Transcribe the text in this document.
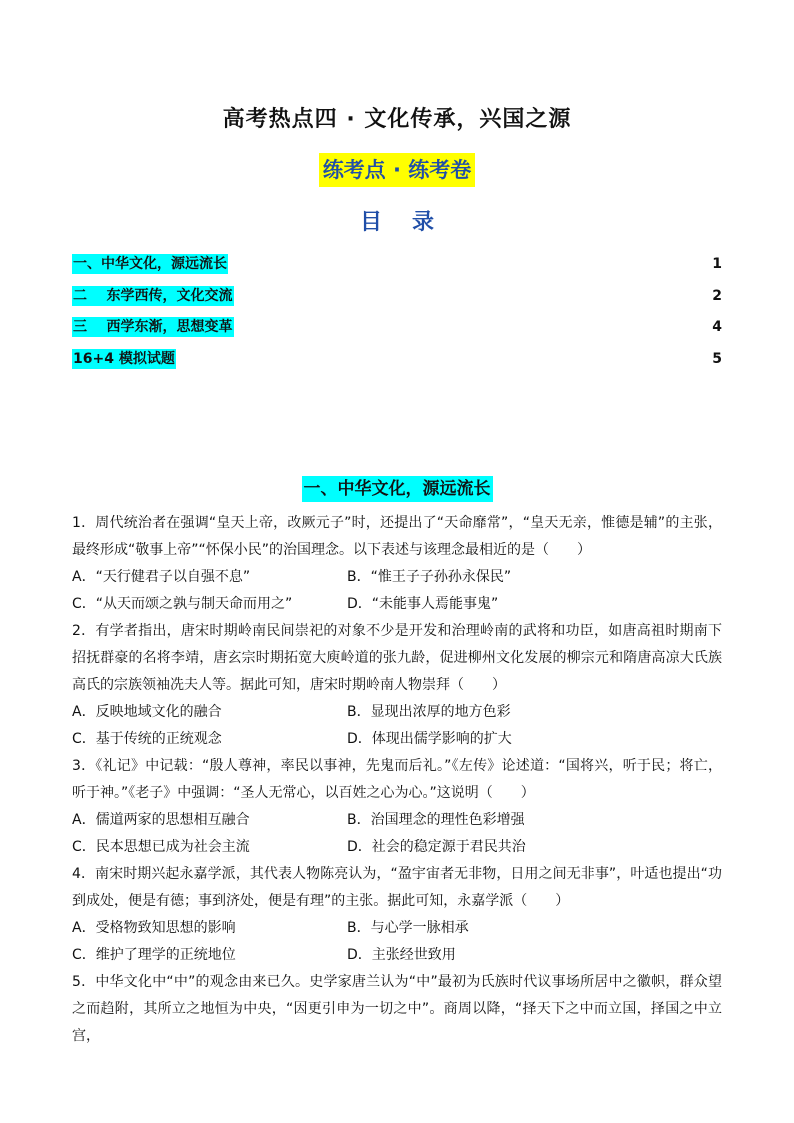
高考热点四 · 文化传承，兴国之源
练考点 · 练考卷
目录
一、中华文化，源远流长	1
二    东学西传，文化交流	2
三    西学东渐，思想变革	4
16+4 模拟试题	5
一、中华文化，源远流长

1．周代统治者在强调“皇天上帝，改厥元子”时，还提出了“天命靡常”，“皇天无亲，惟德是辅”的主张，最终形成“敬事上帝”“怀保小民”的治国理念。以下表述与该理念最相近的是（　　）

A．“天行健君子以自强不息”	B．“惟王子子孙孙永保民”

C．“从天而颂之孰与制天命而用之”	D．“未能事人焉能事鬼”

2．有学者指出，唐宋时期岭南民间崇祀的对象不少是开发和治理岭南的武将和功臣，如唐高祖时期南下招抚群豪的名将李靖，唐玄宗时期拓宽大庾岭道的张九龄，促进柳州文化发展的柳宗元和隋唐高凉大氏族高氏的宗族领袖冼夫人等。据此可知，唐宋时期岭南人物崇拜（　　）

A．反映地域文化的融合	B．显现出浓厚的地方色彩

C．基于传统的正统观念	D．体现出儒学影响的扩大

3．《礼记》中记载：“殷人尊神，率民以事神，先鬼而后礼。”《左传》论述道：“国将兴，听于民；将亡，听于神。”《老子》中强调：“圣人无常心，以百姓之心为心。”这说明（　　）

A．儒道两家的思想相互融合	B．治国理念的理性色彩增强

C．民本思想已成为社会主流	D．社会的稳定源于君民共治

4．南宋时期兴起永嘉学派，其代表人物陈亮认为，“盈宇宙者无非物，日用之间无非事”，叶适也提出“功到成处，便是有德；事到济处，便是有理”的主张。据此可知，永嘉学派（　　）

A．受格物致知思想的影响	B．与心学一脉相承

C．维护了理学的正统地位	D．主张经世致用

5．中华文化中“中”的观念由来已久。史学家唐兰认为“中”最初为氏族时代议事场所居中之徽帜，群众望之而趋附，其所立之地恒为中央，“因更引申为一切之中”。商周以降，“择天下之中而立国，择国之中立宫，
